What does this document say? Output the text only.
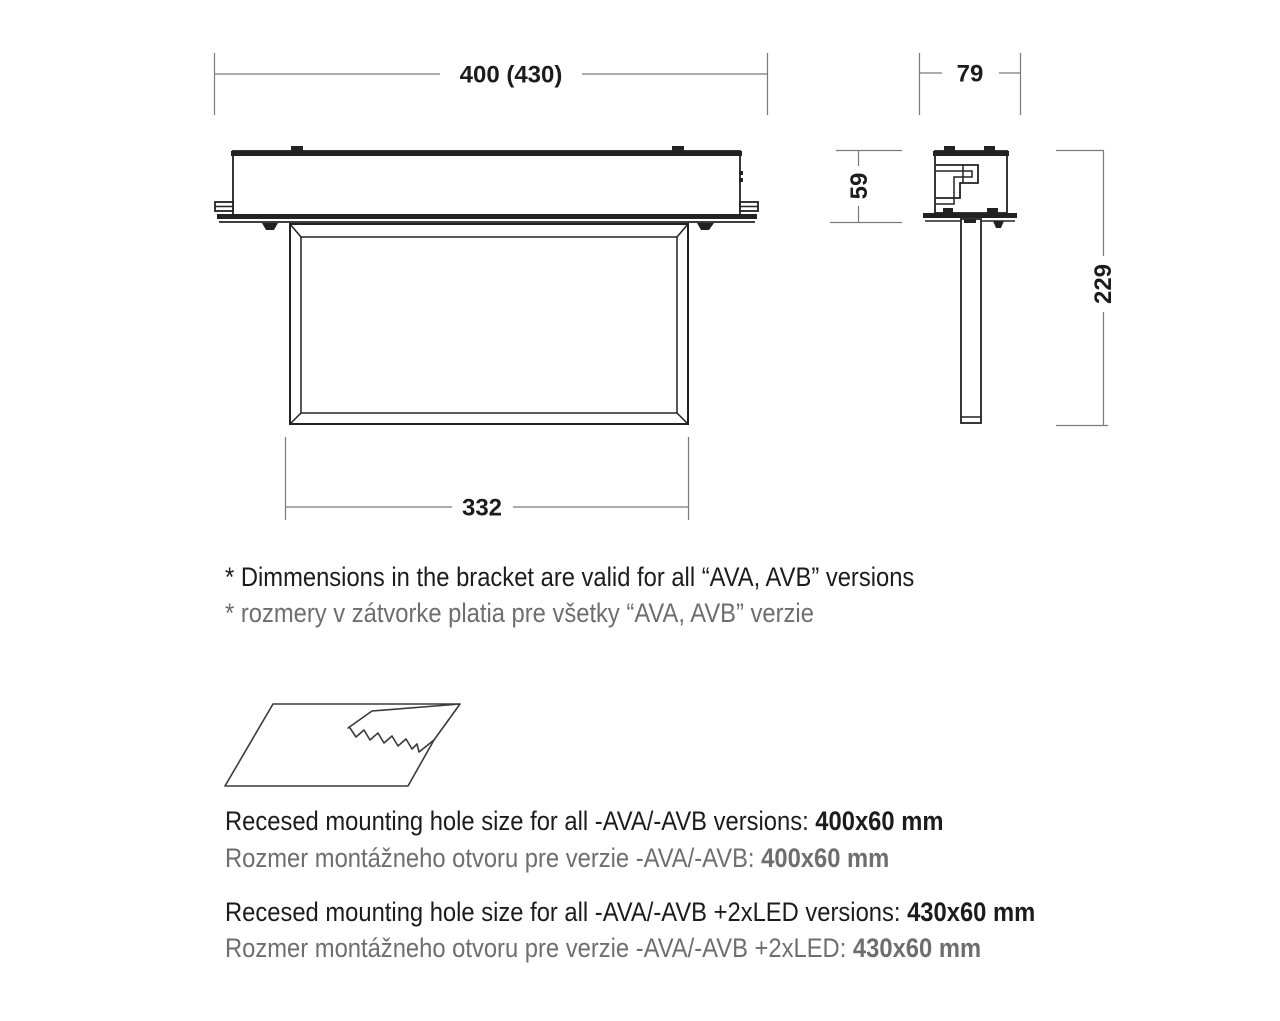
400 (430)	79
332
59
229
* Dimmensions in the bracket are valid for all “AVA, AVB” versions
* rozmery v zátvorke platia pre všetky “AVA, AVB” verzie
Recesed mounting hole size for all -AVA/-AVB versions: 400x60 mm
Rozmer montážneho otvoru pre verzie -AVA/-AVB: 400x60 mm
Recesed mounting hole size for all -AVA/-AVB +2xLED versions: 430x60 mm
Rozmer montážneho otvoru pre verzie -AVA/-AVB +2xLED: 430x60 mm
